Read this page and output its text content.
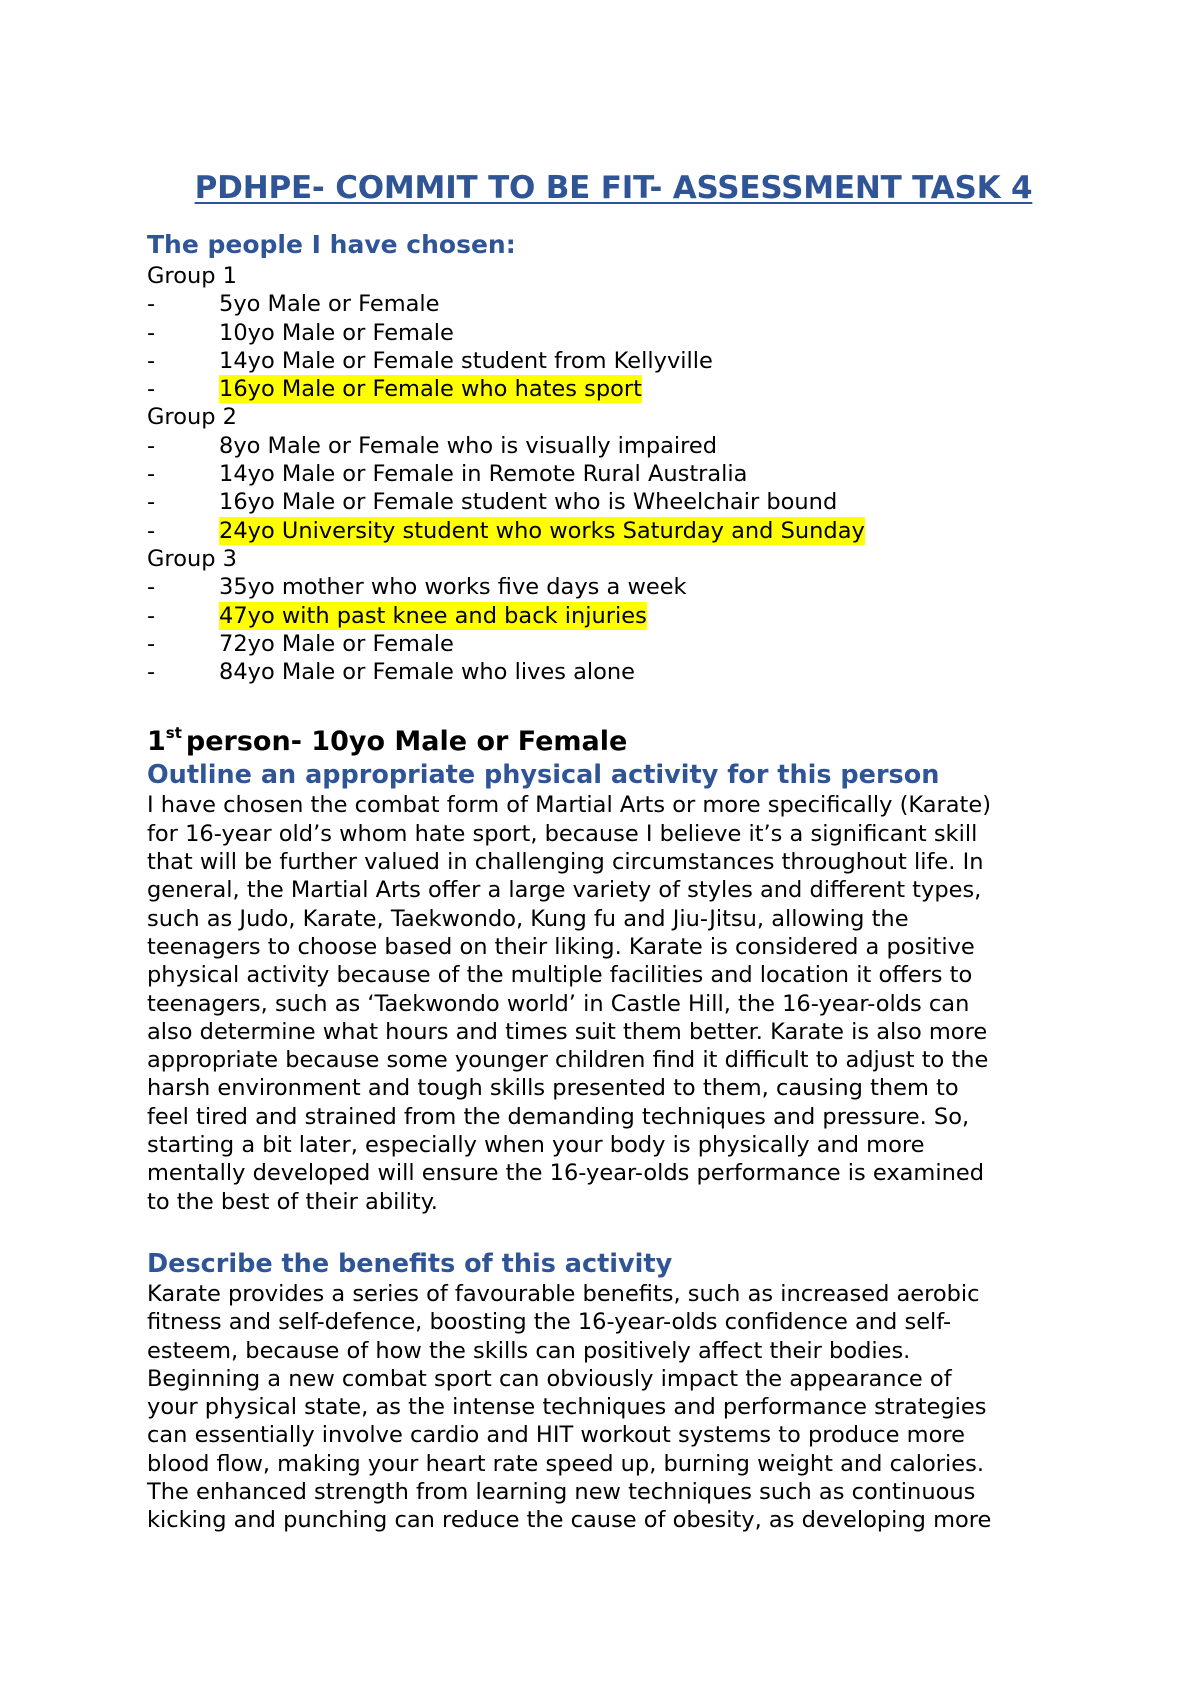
PDHPE- COMMIT TO BE FIT- ASSESSMENT TASK 4
The people I have chosen:
Group 1
-	5yo Male or Female
-	10yo Male or Female
-	14yo Male or Female student from Kellyville
-	16yo Male or Female who hates sport
Group 2
-	8yo Male or Female who is visually impaired
-	14yo Male or Female in Remote Rural Australia
-	16yo Male or Female student who is Wheelchair bound
-	24yo University student who works Saturday and Sunday
Group 3
-	35yo mother who works five days a week
-	47yo with past knee and back injuries
-	72yo Male or Female
-	84yo Male or Female who lives alone
1st person- 10yo Male or Female
Outline an appropriate physical activity for this person
I have chosen the combat form of Martial Arts or more specifically (Karate)
for 16-year old’s whom hate sport, because I believe it’s a significant skill
that will be further valued in challenging circumstances throughout life. In
general, the Martial Arts offer a large variety of styles and different types,
such as Judo, Karate, Taekwondo, Kung fu and Jiu-Jitsu, allowing the
teenagers to choose based on their liking. Karate is considered a positive
physical activity because of the multiple facilities and location it offers to
teenagers, such as ‘Taekwondo world’ in Castle Hill, the 16-year-olds can
also determine what hours and times suit them better. Karate is also more
appropriate because some younger children find it difficult to adjust to the
harsh environment and tough skills presented to them, causing them to
feel tired and strained from the demanding techniques and pressure. So,
starting a bit later, especially when your body is physically and more
mentally developed will ensure the 16-year-olds performance is examined
to the best of their ability.
Describe the benefits of this activity
Karate provides a series of favourable benefits, such as increased aerobic
fitness and self-defence, boosting the 16-year-olds confidence and self-
esteem, because of how the skills can positively affect their bodies.
Beginning a new combat sport can obviously impact the appearance of
your physical state, as the intense techniques and performance strategies
can essentially involve cardio and HIT workout systems to produce more
blood flow, making your heart rate speed up, burning weight and calories.
The enhanced strength from learning new techniques such as continuous
kicking and punching can reduce the cause of obesity, as developing more
